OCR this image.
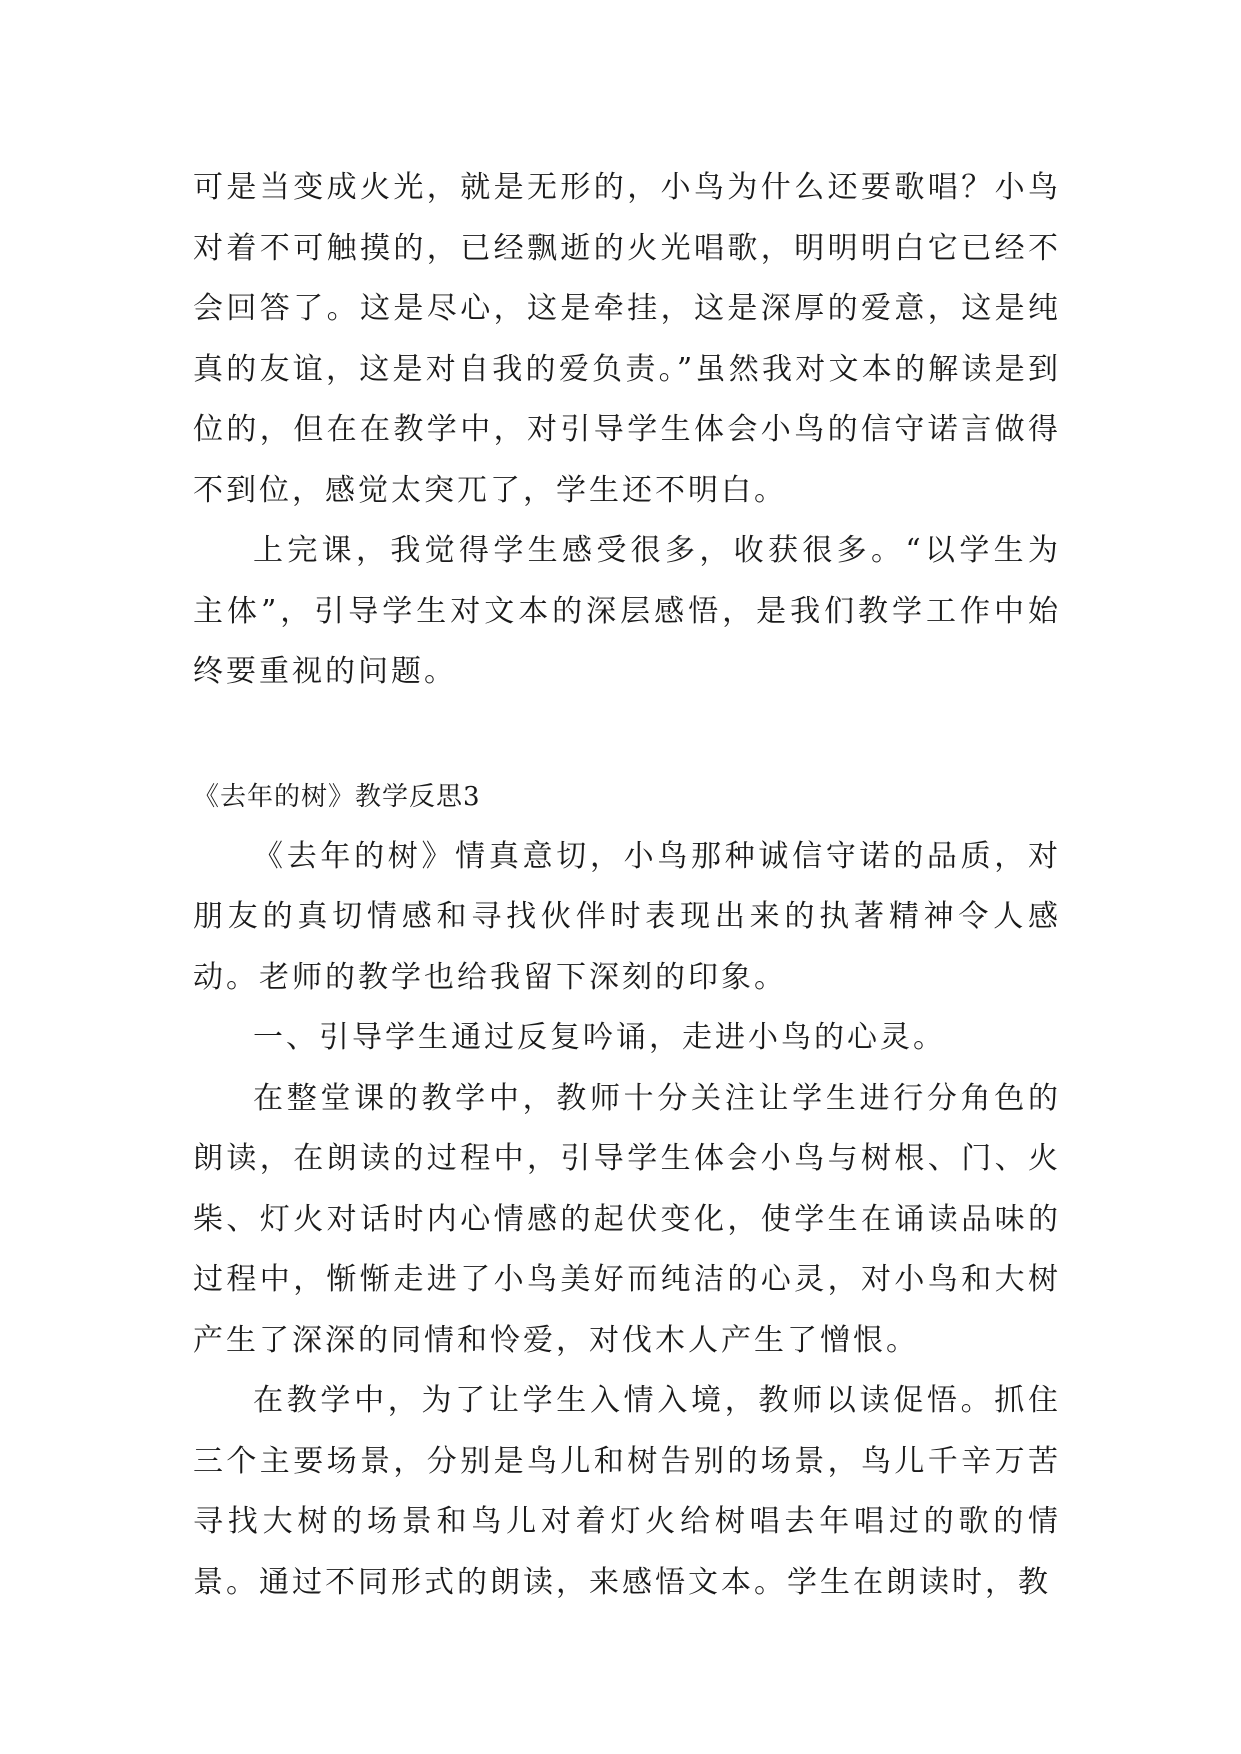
可是当变成火光，就是无形的，小鸟为什么还要歌唱？小鸟对着不可触摸的，已经飘逝的火光唱歌，明明明白它已经不会回答了。这是尽心，这是牵挂，这是深厚的爱意，这是纯真的友谊，这是对自我的爱负责。”虽然我对文本的解读是到位的，但在在教学中，对引导学生体会小鸟的信守诺言做得不到位，感觉太突兀了，学生还不明白。

上完课，我觉得学生感受很多，收获很多。“以学生为主体”，引导学生对文本的深层感悟，是我们教学工作中始终要重视的问题。

《去年的树》教学反思3

《去年的树》情真意切，小鸟那种诚信守诺的品质，对朋友的真切情感和寻找伙伴时表现出来的执著精神令人感动。老师的教学也给我留下深刻的印象。

一、引导学生通过反复吟诵，走进小鸟的心灵。

在整堂课的教学中，教师十分关注让学生进行分角色的朗读，在朗读的过程中，引导学生体会小鸟与树根、门、火柴、灯火对话时内心情感的起伏变化，使学生在诵读品味的过程中，惭惭走进了小鸟美好而纯洁的心灵，对小鸟和大树产生了深深的同情和怜爱，对伐木人产生了憎恨。

在教学中，为了让学生入情入境，教师以读促悟。抓住三个主要场景，分别是鸟儿和树告别的场景，鸟儿千辛万苦寻找大树的场景和鸟儿对着灯火给树唱去年唱过的歌的情景。通过不同形式的朗读，来感悟文本。学生在朗读时，教
